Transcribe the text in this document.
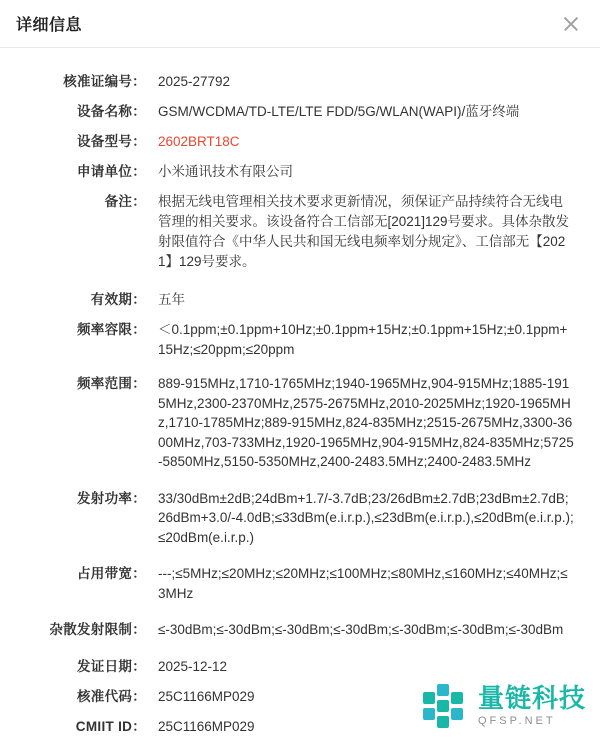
详细信息
核准证编号： 2025-27792
设备名称： GSM/WCDMA/TD-LTE/LTE FDD/5G/WLAN(WAPI)/蓝牙终端
设备型号： 2602BRT18C
申请单位： 小米通讯技术有限公司
备注： 根据无线电管理相关技术要求更新情况，须保证产品持续符合无线电管理的相关要求。该设备符合工信部无[2021]129号要求。具体杂散发射限值符合《中华人民共和国无线电频率划分规定》、工信部无【2021】129号要求。
有效期： 五年
频率容限： ＜0.1ppm;±0.1ppm+10Hz;±0.1ppm+15Hz;±0.1ppm+15Hz;±0.1ppm+15Hz;≤20ppm;≤20ppm
频率范围： 889-915MHz,1710-1765MHz;1940-1965MHz,904-915MHz;1885-1915MHz,2300-2370MHz,2575-2675MHz,2010-2025MHz;1920-1965MHz,1710-1785MHz;889-915MHz,824-835MHz;2515-2675MHz,3300-3600MHz,703-733MHz,1920-1965MHz,904-915MHz,824-835MHz;5725-5850MHz,5150-5350MHz,2400-2483.5MHz;2400-2483.5MHz
发射功率： 33/30dBm±2dB;24dBm+1.7/-3.7dB;23/26dBm±2.7dB;23dBm±2.7dB;26dBm+3.0/-4.0dB;≤33dBm(e.i.r.p.),≤23dBm(e.i.r.p.),≤20dBm(e.i.r.p.);≤20dBm(e.i.r.p.)
占用带宽： ---;≤5MHz;≤20MHz;≤20MHz;≤100MHz;≤80MHz,≤160MHz;≤40MHz;≤3MHz
杂散发射限制： ≤-30dBm;≤-30dBm;≤-30dBm;≤-30dBm;≤-30dBm;≤-30dBm;≤-30dBm
发证日期： 2025-12-12
核准代码： 25C1166MP029
CMIIT ID： 25C1166MP029
量链科技
QFSP.NET
